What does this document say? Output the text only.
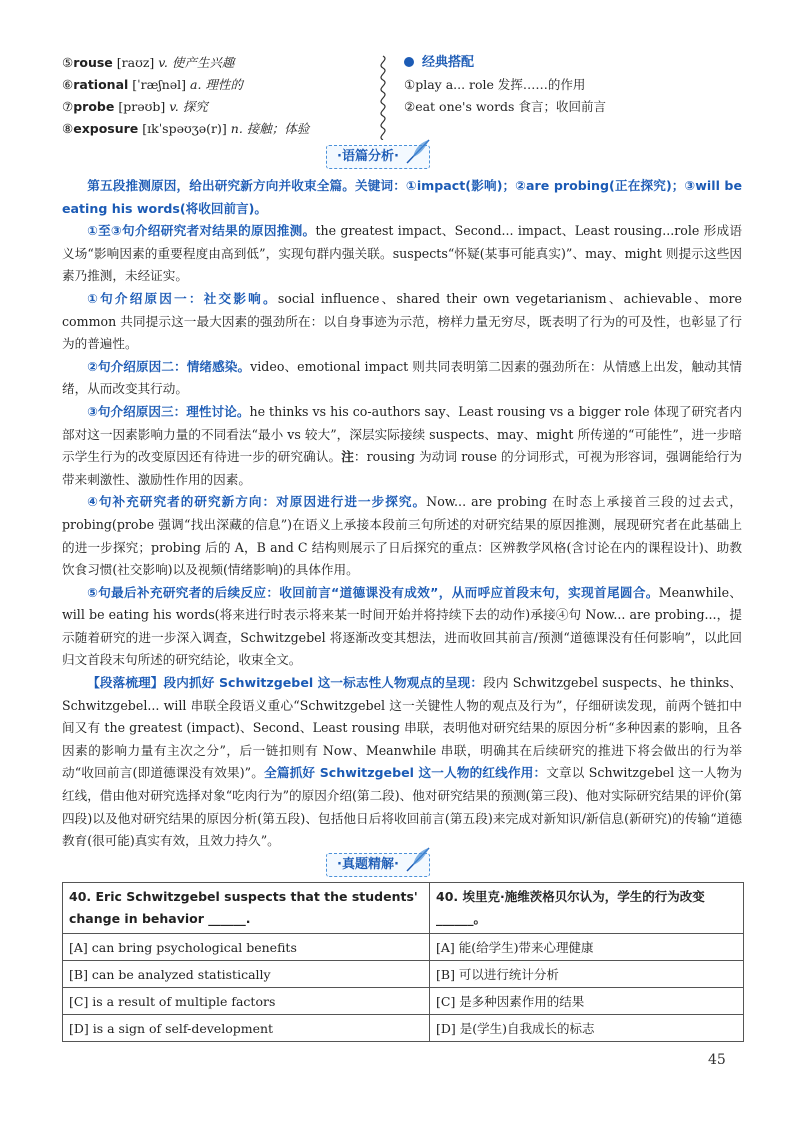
⑤rouse [raʊz] v. 使产生兴趣
⑥rational [ˈræʃnəl] a. 理性的
⑦probe [prəʊb] v. 探究
⑧exposure [ɪkˈspəʊʒə(r)] n. 接触；体验
经典搭配
①play a... role 发挥……的作用
②eat one's words 食言；收回前言
·语篇分析·

第五段推测原因，给出研究新方向并收束全篇。关键词：①impact(影响)；②are probing(正在探究)；③will be eating his words(将收回前言)。

①至③句介绍研究者对结果的原因推测。the greatest impact、Second... impact、Least rousing...role 形成语义场“影响因素的重要程度由高到低”，实现句群内强关联。suspects“怀疑(某事可能真实)”、may、might 则提示这些因素乃推测，未经证实。

①句介绍原因一：社交影响。social influence、shared their own vegetarianism、achievable、more common 共同提示这一最大因素的强劲所在：以自身事迹为示范，榜样力量无穷尽，既表明了行为的可及性，也彰显了行为的普遍性。

②句介绍原因二：情绪感染。video、emotional impact 则共同表明第二因素的强劲所在：从情感上出发，触动其情绪，从而改变其行动。

③句介绍原因三：理性讨论。he thinks vs his co-authors say、Least rousing vs a bigger role 体现了研究者内部对这一因素影响力量的不同看法“最小 vs 较大”，深层实际接续 suspects、may、might 所传递的“可能性”，进一步暗示学生行为的改变原因还有待进一步的研究确认。注：rousing 为动词 rouse 的分词形式，可视为形容词，强调能给行为带来刺激性、激励性作用的因素。

④句补充研究者的研究新方向：对原因进行进一步探究。Now... are probing 在时态上承接首三段的过去式，probing(probe 强调“找出深藏的信息”)在语义上承接本段前三句所述的对研究结果的原因推测，展现研究者在此基础上的进一步探究；probing 后的 A，B and C 结构则展示了日后探究的重点：区辨教学风格(含讨论在内的课程设计)、助教饮食习惯(社交影响)以及视频(情绪影响)的具体作用。

⑤句最后补充研究者的后续反应：收回前言“道德课没有成效”，从而呼应首段末句，实现首尾圆合。Meanwhile、will be eating his words(将来进行时表示将来某一时间开始并将持续下去的动作)承接④句 Now... are probing...，提示随着研究的进一步深入调查，Schwitzgebel 将逐渐改变其想法，进而收回其前言/预测“道德课没有任何影响”，以此回归文首段末句所述的研究结论，收束全文。

【段落梳理】段内抓好 Schwitzgebel 这一标志性人物观点的呈现：段内 Schwitzgebel suspects、he thinks、Schwitzgebel... will 串联全段语义重心“Schwitzgebel 这一关键性人物的观点及行为”，仔细研读发现，前两个链扣中间又有 the greatest (impact)、Second、Least rousing 串联，表明他对研究结果的原因分析“多种因素的影响，且各因素的影响力量有主次之分”，后一链扣则有 Now、Meanwhile 串联，明确其在后续研究的推进下将会做出的行为举动“收回前言(即道德课没有效果)”。全篇抓好 Schwitzgebel 这一人物的红线作用：文章以 Schwitzgebel 这一人物为红线，借由他对研究选择对象“吃肉行为”的原因介绍(第二段)、他对研究结果的预测(第三段)、他对实际研究结果的评价(第四段)以及他对研究结果的原因分析(第五段)、包括他日后将收回前言(第五段)来完成对新知识/新信息(新研究)的传输“道德教育(很可能)真实有效，且效力持久”。

·真题精解·
40. Eric Schwitzgebel suspects that the students' change in behavior ______.	40. 埃里克·施维茨格贝尔认为，学生的行为改变______。
[A] can bring psychological benefits	[A] 能(给学生)带来心理健康
[B] can be analyzed statistically	[B] 可以进行统计分析
[C] is a result of multiple factors	[C] 是多种因素作用的结果
[D] is a sign of self-development	[D] 是(学生)自我成长的标志
45
